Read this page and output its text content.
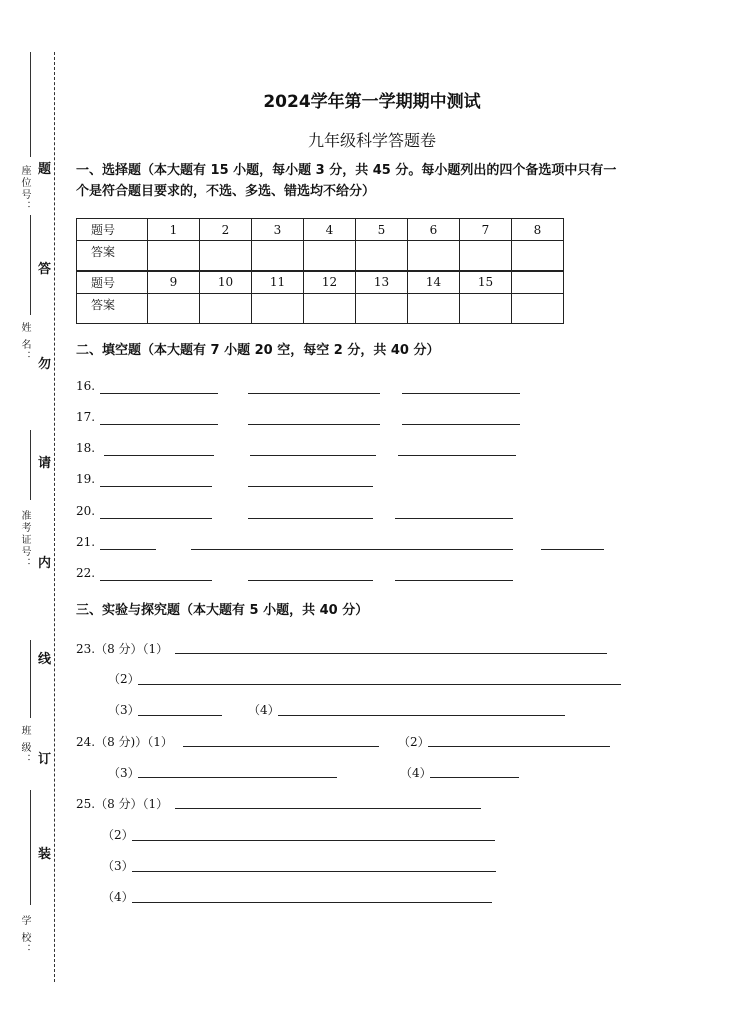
座位号：
姓 名：
准考证号：
班 级：
学 校：
题
答
勿
请
内
线
订
装
2024学年第一学期期中测试
九年级科学答题卷
一、选择题（本大题有 15 小题，每小题 3 分，共 45 分。每小题列出的四个备选项中只有一
个是符合题目要求的，不选、多选、错选均不给分）
题号	1	2	3	4	5	6	7	8
答案								
题号	9	10	11	12	13	14	15	
答案								
二、填空题（本大题有 7 小题 20 空，每空 2 分，共 40 分）
16.
17.
18.
19.
20.
21.
22.
三、实验与探究题（本大题有 5 小题，共 40 分）
23.（8 分）（1）
（2）
（3）	（4）
24.（8 分)）（1）	（2）
（3）	（4）
25.（8 分）（1）
（2）
（3）
（4）
